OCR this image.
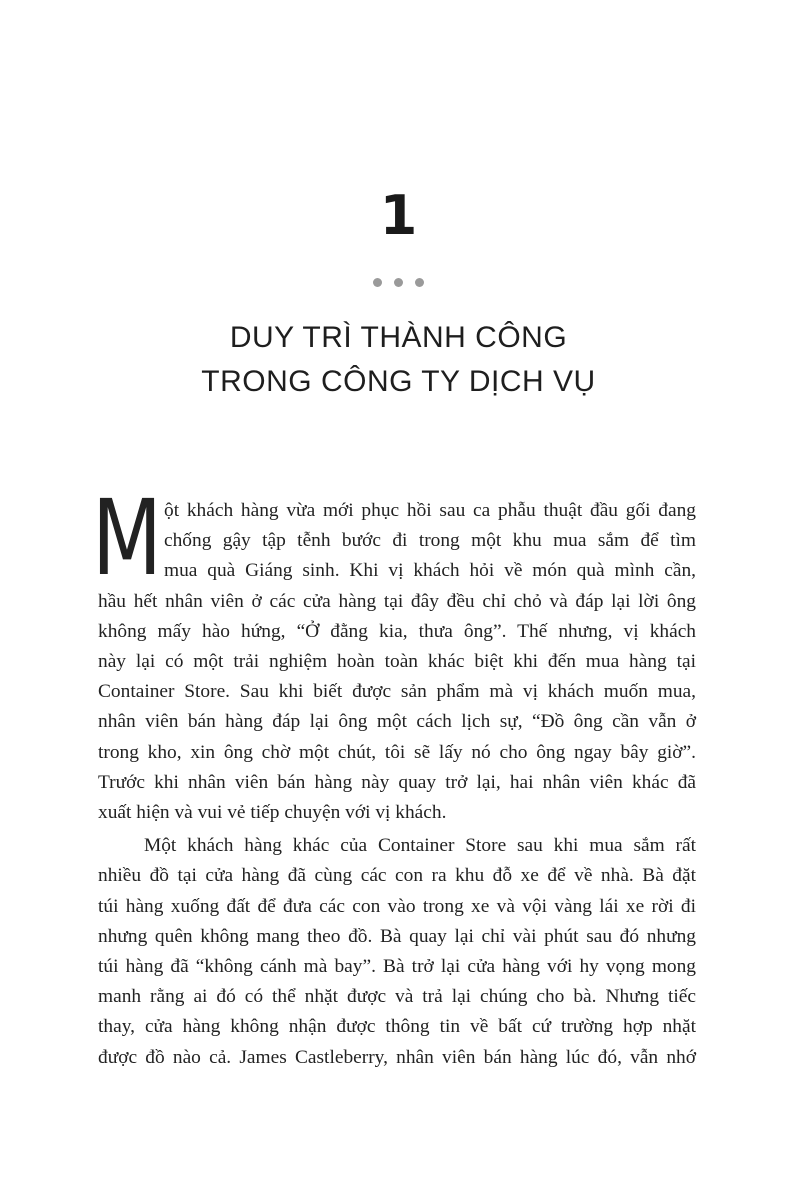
1
DUY TRÌ THÀNH CÔNG
TRONG CÔNG TY DỊCH VỤ
M ột khách hàng vừa mới phục hồi sau ca phẫu thuật đầu gối đang
chống gậy tập tễnh bước đi trong một khu mua sắm để tìm
mua quà Giáng sinh. Khi vị khách hỏi về món quà mình cần,
hầu hết nhân viên ở các cửa hàng tại đây đều chỉ chỏ và đáp lại lời ông
không mấy hào hứng, “Ở đằng kia, thưa ông”. Thế nhưng, vị khách
này lại có một trải nghiệm hoàn toàn khác biệt khi đến mua hàng tại
Container Store. Sau khi biết được sản phẩm mà vị khách muốn mua,
nhân viên bán hàng đáp lại ông một cách lịch sự, “Đồ ông cần vẫn ở
trong kho, xin ông chờ một chút, tôi sẽ lấy nó cho ông ngay bây giờ”.
Trước khi nhân viên bán hàng này quay trở lại, hai nhân viên khác đã
xuất hiện và vui vẻ tiếp chuyện với vị khách.
Một khách hàng khác của Container Store sau khi mua sắm rất
nhiều đồ tại cửa hàng đã cùng các con ra khu đỗ xe để về nhà. Bà đặt
túi hàng xuống đất để đưa các con vào trong xe và vội vàng lái xe rời đi
nhưng quên không mang theo đồ. Bà quay lại chỉ vài phút sau đó nhưng
túi hàng đã “không cánh mà bay”. Bà trở lại cửa hàng với hy vọng mong
manh rằng ai đó có thể nhặt được và trả lại chúng cho bà. Nhưng tiếc
thay, cửa hàng không nhận được thông tin về bất cứ trường hợp nhặt
được đồ nào cả. James Castleberry, nhân viên bán hàng lúc đó, vẫn nhớ
